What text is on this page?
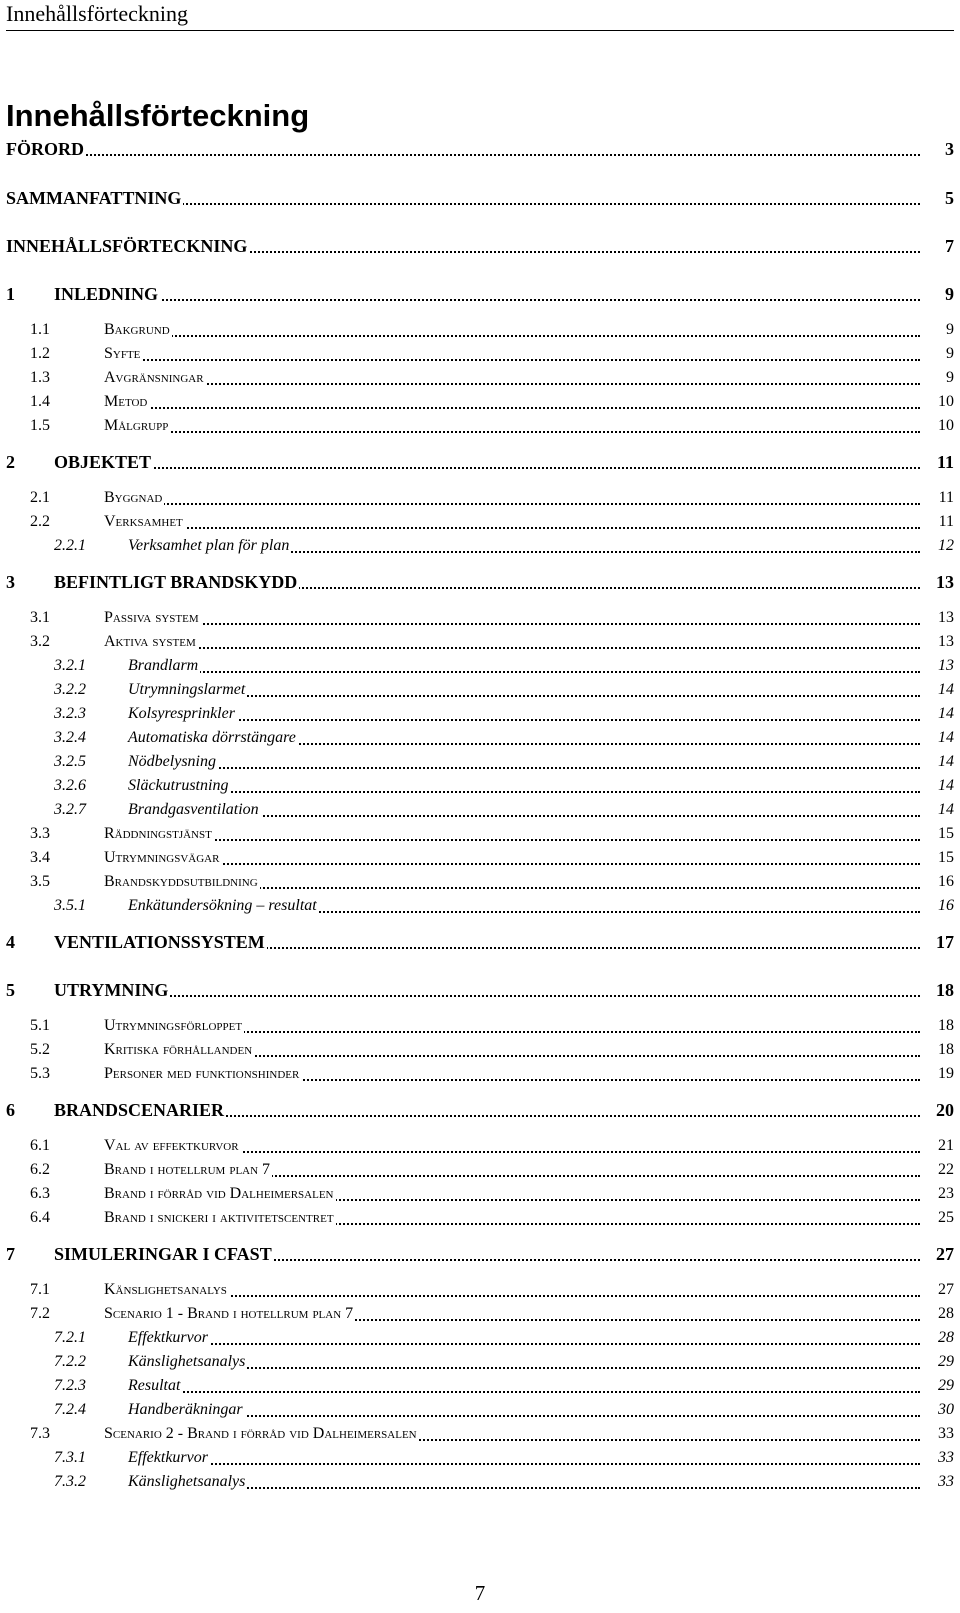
Innehållsförteckning
Innehållsförteckning
FÖRORD	3
SAMMANFATTNING	5
INNEHÅLLSFÖRTECKNING	7
1 INLEDNING	9
1.1	Bakgrund	9
1.2	Syfte	9
1.3	Avgränsningar	9
1.4	Metod	10
1.5	Målgrupp	10
2 OBJEKTET	11
2.1	Byggnad	11
2.2	Verksamhet	11
2.2.1	Verksamhet plan för plan	12
3 BEFINTLIGT BRANDSKYDD	13
3.1	Passiva system	13
3.2	Aktiva system	13
3.2.1	Brandlarm	13
3.2.2	Utrymningslarmet	14
3.2.3	Kolsyresprinkler	14
3.2.4	Automatiska dörrstängare	14
3.2.5	Nödbelysning	14
3.2.6	Släckutrustning	14
3.2.7	Brandgasventilation	14
3.3	Räddningstjänst	15
3.4	Utrymningsvägar	15
3.5	Brandskyddsutbildning	16
3.5.1	Enkätundersökning – resultat	16
4 VENTILATIONSSYSTEM	17
5 UTRYMNING	18
5.1	Utrymningsförloppet	18
5.2	Kritiska förhållanden	18
5.3	Personer med funktionshinder	19
6 BRANDSCENARIER	20
6.1	Val av effektkurvor	21
6.2	Brand i hotellrum plan 7	22
6.3	Brand i förråd vid Dalheimersalen	23
6.4	Brand i snickeri i aktivitetscentret	25
7 SIMULERINGAR I CFAST	27
7.1	Känslighetsanalys	27
7.2	Scenario 1 - Brand i hotellrum plan 7	28
7.2.1	Effektkurvor	28
7.2.2	Känslighetsanalys	29
7.2.3	Resultat	29
7.2.4	Handberäkningar	30
7.3	Scenario 2 - Brand i förråd vid Dalheimersalen	33
7.3.1	Effektkurvor	33
7.3.2	Känslighetsanalys	33
7
